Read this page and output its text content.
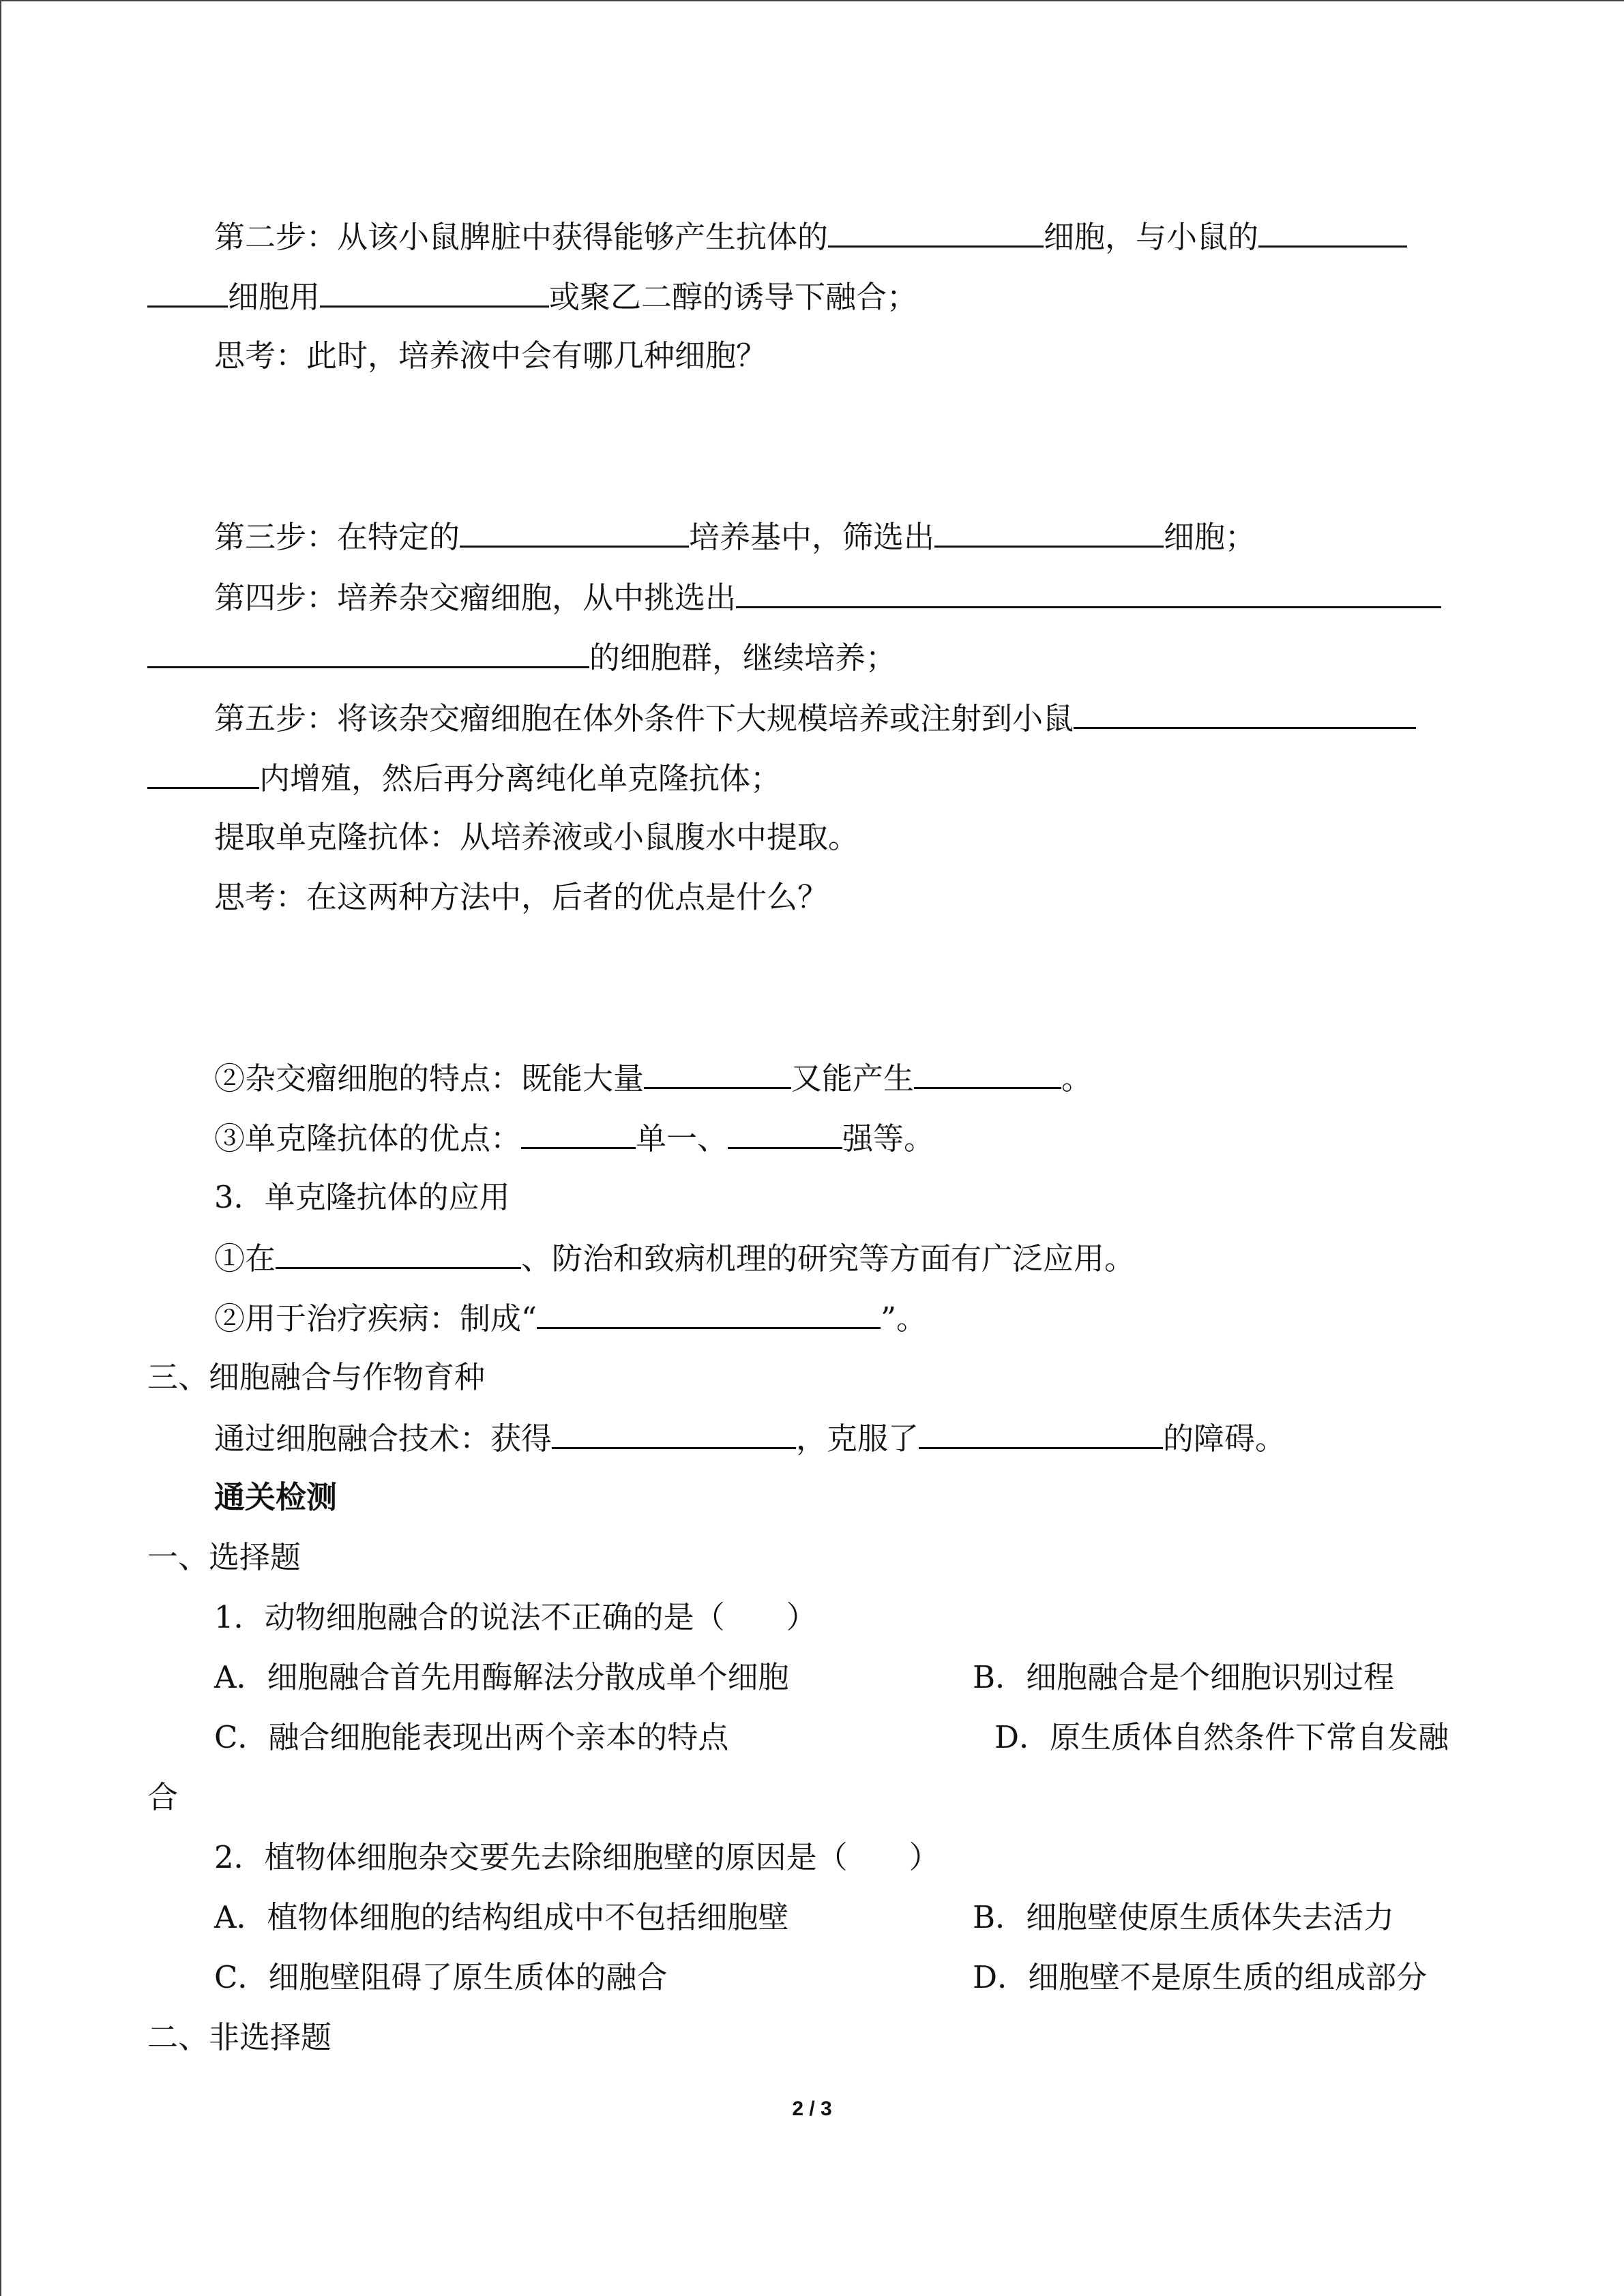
第二步：从该小鼠脾脏中获得能够产生抗体的	细胞，与小鼠的
细胞用	或聚乙二醇的诱导下融合；
思考：此时，培养液中会有哪几种细胞？
第三步：在特定的	培养基中，筛选出	细胞；
第四步：培养杂交瘤细胞，从中挑选出
的细胞群，继续培养；
第五步：将该杂交瘤细胞在体外条件下大规模培养或注射到小鼠
内增殖，然后再分离纯化单克隆抗体；
提取单克隆抗体：从培养液或小鼠腹水中提取。
思考：在这两种方法中，后者的优点是什么？
②杂交瘤细胞的特点：既能大量	又能产生	。
③单克隆抗体的优点：	单一、	强等。
3．单克隆抗体的应用
①在	、防治和致病机理的研究等方面有广泛应用。
②用于治疗疾病：制成“	”。
三、细胞融合与作物育种
通过细胞融合技术：获得	，克服了	的障碍。
通关检测
一、选择题
1．动物细胞融合的说法不正确的是（　　）
A．细胞融合首先用酶解法分散成单个细胞	B．细胞融合是个细胞识别过程
C．融合细胞能表现出两个亲本的特点	D．原生质体自然条件下常自发融
合
2．植物体细胞杂交要先去除细胞壁的原因是（　　）
A．植物体细胞的结构组成中不包括细胞壁	B．细胞壁使原生质体失去活力
C．细胞壁阻碍了原生质体的融合	D．细胞壁不是原生质的组成部分
二、非选择题
2 / 3
